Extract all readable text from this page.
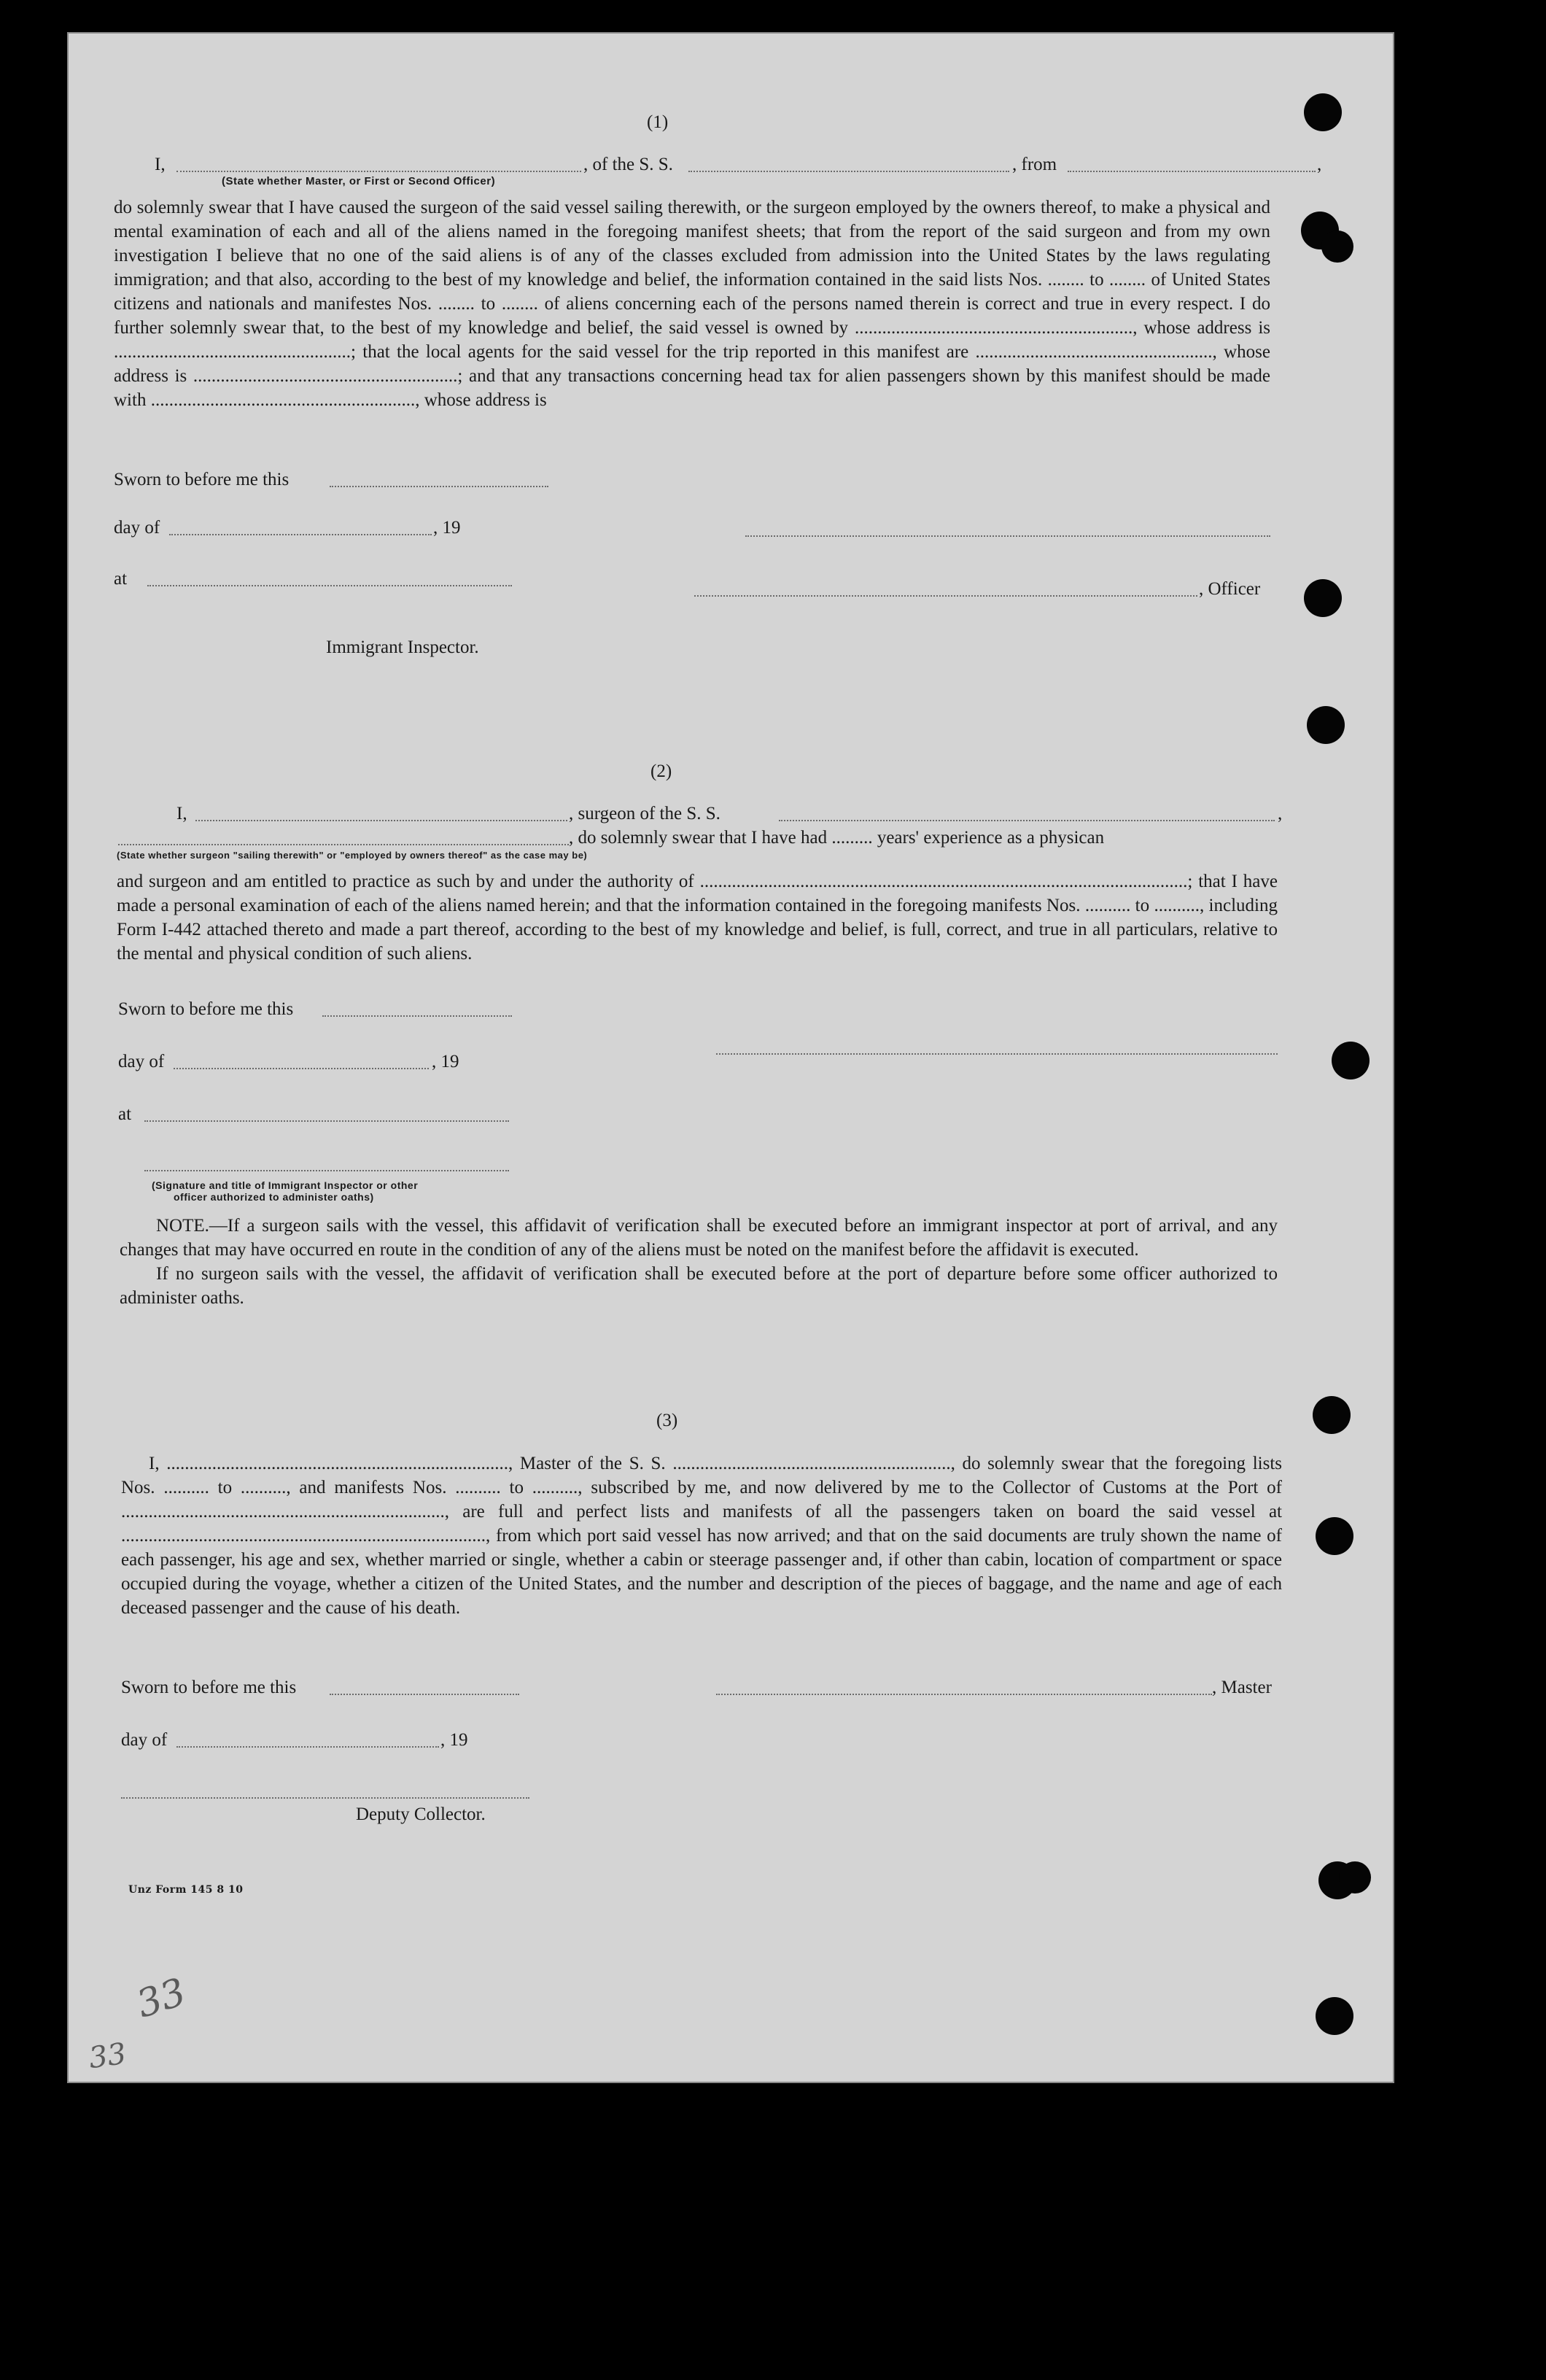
(1)
I,	, of the S. S.	, from	,
(State whether Master, or First or Second Officer)

do solemnly swear that I have caused the surgeon of the said vessel sailing therewith, or the surgeon employed by the owners thereof, to make a physical and mental examination of each and all of the aliens named in the foregoing manifest sheets; that from the report of the said surgeon and from my own investigation I believe that no one of the said aliens is of any of the classes excluded from admission into the United States by the laws regulating immigration; and that also, according to the best of my knowledge and belief, the information contained in the said lists Nos. ........ to ........ of United States citizens and nationals and manifestes Nos. ........ to ........ of aliens concerning each of the persons named therein is correct and true in every respect. I do further solemnly swear that, to the best of my knowledge and belief, the said vessel is owned by ............................................................., whose address is ....................................................; that the local agents for the said vessel for the trip reported in this manifest are ...................................................., whose address is ..........................................................; and that any transactions concerning head tax for alien passengers shown by this manifest should be made with .........................................................., whose address is

Sworn to before me this
day of	, 19
at
, Officer
Immigrant Inspector.
(2)
I,	, surgeon of the S. S.	,
, do solemnly swear that I have had ......... years' experience as a physican
(State whether surgeon "sailing therewith" or "employed by owners thereof" as the case may be)

and surgeon and am entitled to practice as such by and under the authority of ...........................................................................................................; that I have made a personal examination of each of the aliens named herein; and that the information contained in the foregoing manifests Nos. .......... to .........., including Form I-442 attached thereto and made a part thereof, according to the best of my knowledge and belief, is full, correct, and true in all particulars, relative to the mental and physical condition of such aliens.

Sworn to before me this
day of	, 19
at
(Signature and title of Immigrant Inspector or other
officer authorized to administer oaths)

NOTE.—If a surgeon sails with the vessel, this affidavit of verification shall be executed before an immigrant inspector at port of arrival, and any changes that may have occurred en route in the condition of any of the aliens must be noted on the manifest before the affidavit is executed.

If no surgeon sails with the vessel, the affidavit of verification shall be executed before at the port of departure before some officer authorized to administer oaths.

(3)

I, ..........................................................................., Master of the S. S. ............................................................., do solemnly swear that the foregoing lists Nos. .......... to .........., and manifests Nos. .......... to .........., subscribed by me, and now delivered by me to the Collector of Customs at the Port of ......................................................................., are full and perfect lists and manifests of all the passengers taken on board the said vessel at ................................................................................, from which port said vessel has now arrived; and that on the said documents are truly shown the name of each passenger, his age and sex, whether married or single, whether a cabin or steerage passenger and, if other than cabin, location of compartment or space occupied during the voyage, whether a citizen of the United States, and the number and description of the pieces of baggage, and the name and age of each deceased passenger and the cause of his death.

Sworn to before me this	, Master
day of	, 19
Deputy Collector.
Unz Form 145 8 10
33
33
